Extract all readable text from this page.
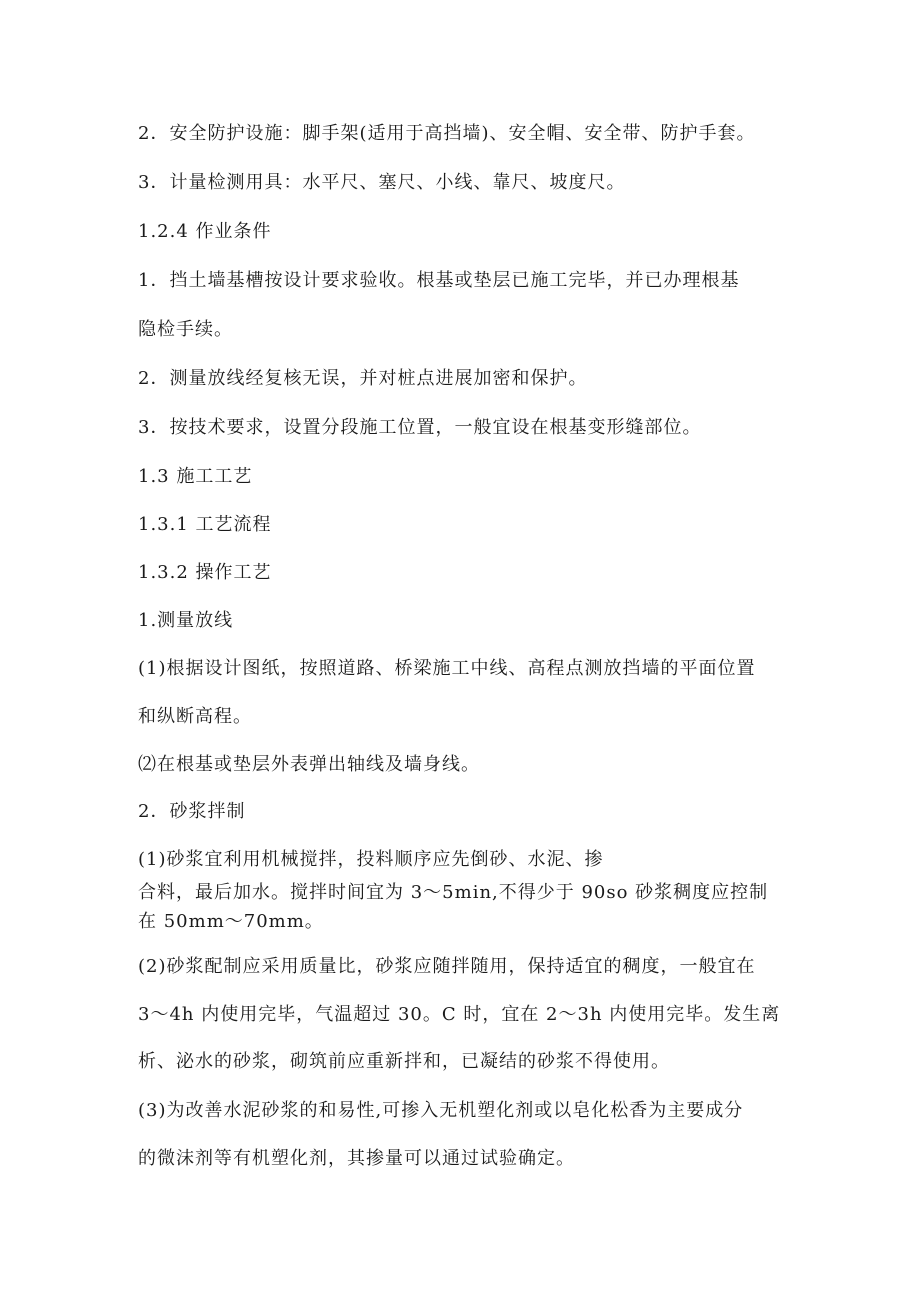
2．安全防护设施：脚手架(适用于高挡墙)、安全帽、安全带、防护手套。
3．计量检测用具：水平尺、塞尺、小线、靠尺、坡度尺。
1.2.4 作业条件
1．挡土墙基槽按设计要求验收。根基或垫层已施工完毕，并已办理根基
隐检手续。
2．测量放线经复核无误，并对桩点进展加密和保护。
3．按技术要求，设置分段施工位置，一般宜设在根基变形缝部位。
1.3 施工工艺
1.3.1 工艺流程
1.3.2 操作工艺
1.测量放线
(1)根据设计图纸，按照道路、桥梁施工中线、高程点测放挡墙的平面位置
和纵断高程。
⑵在根基或垫层外表弹出轴线及墙身线。
2．砂浆拌制
(1)砂浆宜利用机械搅拌，投料顺序应先倒砂、水泥、掺
合料，最后加水。搅拌时间宜为 3～5min,不得少于 90so 砂浆稠度应控制
在 50mm～70mm。
(2)砂浆配制应采用质量比，砂浆应随拌随用，保持适宜的稠度，一般宜在
3～4h 内使用完毕，气温超过 30。C 时，宜在 2～3h 内使用完毕。发生离
析、泌水的砂浆，砌筑前应重新拌和，已凝结的砂浆不得使用。
(3)为改善水泥砂浆的和易性,可掺入无机塑化剂或以皂化松香为主要成分
的微沫剂等有机塑化剂，其掺量可以通过试验确定。
